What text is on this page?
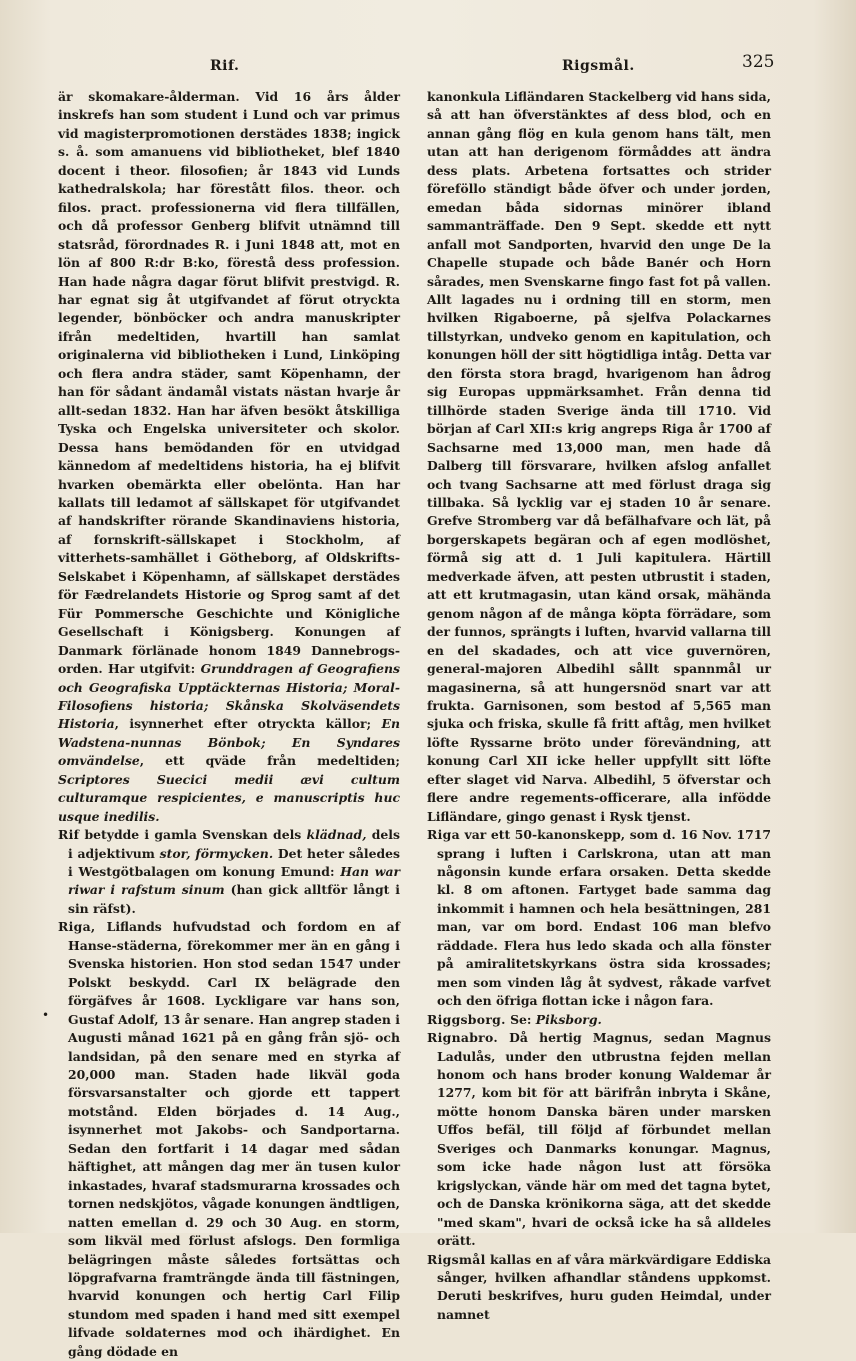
Rif.	Rigsmål.	325

är skomakare-ålderman. Vid 16 års ålder inskrefs han som student i Lund och var primus vid magisterpromotionen derstädes 1838; ingick s. å. som amanuens vid bibliotheket, blef 1840 docent i theor. filosofien; år 1843 vid Lunds kathedralskola; har förestått filos. theor. och filos. pract. professionerna vid flera tillfällen, och då professor Genberg blifvit utnämnd till statsråd, förordnades R. i Juni 1848 att, mot en lön af 800 R:dr B:ko, förestå dess profession. Han hade några dagar förut blifvit prestvigd. R. har egnat sig åt utgifvandet af förut otryckta legender, bönböcker och andra manuskripter ifrån medeltiden, hvartill han samlat originalerna vid bibliotheken i Lund, Linköping och flera andra städer, samt Köpenhamn, der han för sådant ändamål vistats nästan hvarje år allt-sedan 1832. Han har äfven besökt åtskilliga Tyska och Engelska universiteter och skolor. Dessa hans bemödanden för en utvidgad kännedom af medeltidens historia, ha ej blifvit hvarken obemärkta eller obelönta. Han har kallats till ledamot af sällskapet för utgifvandet af handskrifter rörande Skandinaviens historia, af fornskrift-sällskapet i Stockholm, af vitterhets-samhället i Götheborg, af Oldskrifts-Selskabet i Köpenhamn, af sällskapet derstädes för Fædrelandets Historie og Sprog samt af det Für Pommersche Geschichte und Königliche Gesellschaft i Königsberg. Konungen af Danmark förlänade honom 1849 Dannebrogs-orden. Har utgifvit: Grunddragen af Geografiens och Geografiska Upptäckternas Historia; Moral-Filosofiens historia; Skånska Skolväsendets Historia, isynnerhet efter otryckta källor; En Wadstena-nunnas Bönbok; En Syndares omvändelse, ett qväde från medeltiden; Scriptores Suecici medii ævi cultum culturamque respicientes, e manuscriptis huc usque inedilis.

Rif betydde i gamla Svenskan dels klädnad, dels i adjektivum stor, förmycken. Det heter således i Westgötbalagen om konung Emund: Han war riwar i rafstum sinum (han gick alltför långt i sin räfst).

Riga, Liflands hufvudstad och fordom en af Hanse-städerna, förekommer mer än en gång i Svenska historien. Hon stod sedan 1547 under Polskt beskydd. Carl IX belägrade den förgäfves år 1608. Lyckligare var hans son, Gustaf Adolf, 13 år senare. Han angrep staden i Augusti månad 1621 på en gång från sjö- och landsidan, på den senare med en styrka af 20,000 man. Staden hade likväl goda försvarsanstalter och gjorde ett tappert motstånd. Elden börjades d. 14 Aug., isynnerhet mot Jakobs- och Sandportarna. Sedan den fortfarit i 14 dagar med sådan häftighet, att mången dag mer än tusen kulor inkastades, hvaraf stadsmurarna krossades och tornen nedskjötos, vågade konungen ändtligen, natten emellan d. 29 och 30 Aug. en storm, som likväl med förlust afslogs. Den formliga belägringen måste således fortsättas och löpgrafvarna framträngde ända till fästningen, hvarvid konungen och hertig Carl Filip stundom med spaden i hand med sitt exempel lifvade soldaternes mod och ihärdighet. En gång dödade en

•

kanonkula Lifländaren Stackelberg vid hans sida, så att han öfverstänktes af dess blod, och en annan gång flög en kula genom hans tält, men utan att han derigenom förmåddes att ändra dess plats. Arbetena fortsattes och strider föreföllo ständigt både öfver och under jorden, emedan båda sidornas minörer ibland sammanträffade. Den 9 Sept. skedde ett nytt anfall mot Sandporten, hvarvid den unge De la Chapelle stupade och både Banér och Horn sårades, men Svenskarne fingo fast fot på vallen. Allt lagades nu i ordning till en storm, men hvilken Rigaboerne, på sjelfva Polackarnes tillstyrkan, undveko genom en kapitulation, och konungen höll der sitt högtidliga intåg. Detta var den första stora bragd, hvarigenom han ådrog sig Europas uppmärksamhet. Från denna tid tillhörde staden Sverige ända till 1710. Vid början af Carl XII:s krig angreps Riga år 1700 af Sachsarne med 13,000 man, men hade då Dalberg till försvarare, hvilken afslog anfallet och tvang Sachsarne att med förlust draga sig tillbaka. Så lycklig var ej staden 10 år senare. Grefve Stromberg var då befälhafvare och lät, på borgerskapets begäran och af egen modlöshet, förmå sig att d. 1 Juli kapitulera. Härtill medverkade äfven, att pesten utbrustit i staden, att ett krutmagasin, utan känd orsak, mähända genom någon af de många köpta förrädare, som der funnos, sprängts i luften, hvarvid vallarna till en del skadades, och att vice guvernören, general-majoren Albedihl sållt spannmål ur magasinerna, så att hungersnöd snart var att frukta. Garnisonen, som bestod af 5,565 man sjuka och friska, skulle få fritt aftåg, men hvilket löfte Ryssarne bröto under förevändning, att konung Carl XII icke heller uppfyllt sitt löfte efter slaget vid Narva. Albedihl, 5 öfverstar och flere andre regements-officerare, alla infödde Lifländare, gingo genast i Rysk tjenst.

Riga var ett 50-kanonskepp, som d. 16 Nov. 1717 sprang i luften i Carlskrona, utan att man någonsin kunde erfara orsaken. Detta skedde kl. 8 om aftonen. Fartyget bade samma dag inkommit i hamnen och hela besättningen, 281 man, var om bord. Endast 106 man blefvo räddade. Flera hus ledo skada och alla fönster på amiralitetskyrkans östra sida krossades; men som vinden låg åt sydvest, råkade varfvet och den öfriga flottan icke i någon fara.

Riggsborg. Se: Piksborg.

Rignabro. Då hertig Magnus, sedan Magnus Ladulås, under den utbrustna fejden mellan honom och hans broder konung Waldemar år 1277, kom bit för att bärifrån inbryta i Skåne, mötte honom Danska bären under marsken Uffos befäl, till följd af förbundet mellan Sveriges och Danmarks konungar. Magnus, som icke hade någon lust att försöka krigslyckan, vände här om med det tagna bytet, och de Danska krönikorna säga, att det skedde "med skam", hvari de också icke ha så alldeles orätt.

Rigsmål kallas en af våra märkvärdigare Eddiska sånger, hvilken afhandlar ståndens uppkomst. Deruti beskrifves, huru guden Heimdal, under namnet
